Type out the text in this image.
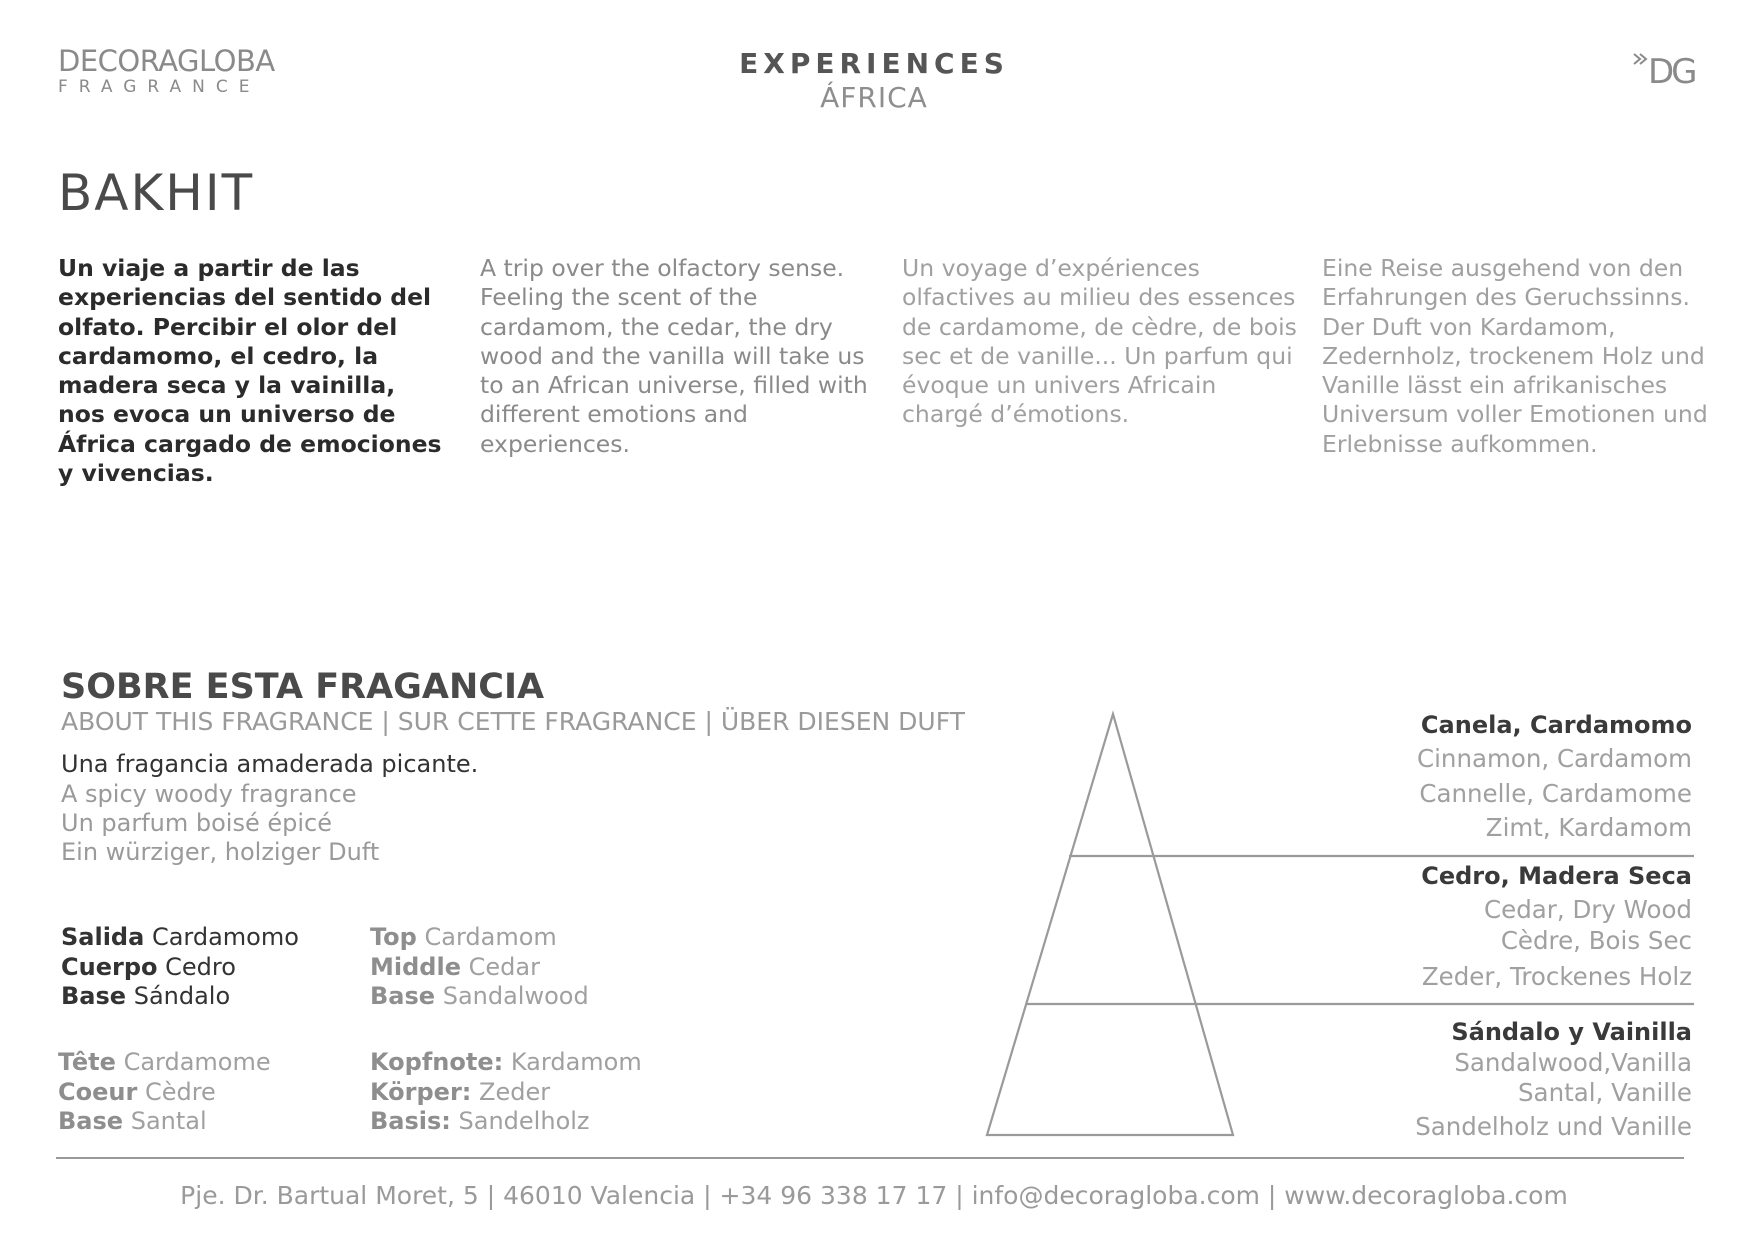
DECORAGLOBA
FRAGRANCE
EXPERIENCES
ÁFRICA
DG
BAKHIT
Un viaje a partir de las experiencias del sentido del olfato. Percibir el olor del cardamomo, el cedro, la madera seca y la vainilla, nos evoca un universo de África cargado de emociones y vivencias.
A trip over the olfactory sense. Feeling the scent of the cardamom, the cedar, the dry wood and the vanilla will take us to an African universe, filled with different emotions and experiences.
Un voyage d’expériences olfactives au milieu des essences de cardamome, de cèdre, de bois sec et de vanille... Un parfum qui évoque un univers Africain chargé d’émotions.
Eine Reise ausgehend von den Erfahrungen des Geruchssinns. Der Duft von Kardamom, Zedernholz, trockenem Holz und Vanille lässt ein afrikanisches Universum voller Emotionen und Erlebnisse aufkommen.
SOBRE ESTA FRAGANCIA
ABOUT THIS FRAGRANCE | SUR CETTE FRAGRANCE | ÜBER DIESEN DUFT
Una fragancia amaderada picante.
A spicy woody fragrance
Un parfum boisé épicé
Ein würziger, holziger Duft
Salida Cardamomo
Cuerpo Cedro
Base Sándalo
Top Cardamom
Middle Cedar
Base Sandalwood
Tête Cardamome
Coeur Cèdre
Base Santal
Kopfnote: Kardamom
Körper: Zeder
Basis: Sandelholz
Canela, Cardamomo
Cinnamon, Cardamom
Cannelle, Cardamome
Zimt, Kardamom
Cedro, Madera Seca
Cedar, Dry Wood
Cèdre, Bois Sec
Zeder, Trockenes Holz
Sándalo y Vainilla
Sandalwood,Vanilla
Santal, Vanille
Sandelholz und Vanille
Pje. Dr. Bartual Moret, 5 | 46010 Valencia | +34 96 338 17 17 | info@decoragloba.com | www.decoragloba.com
